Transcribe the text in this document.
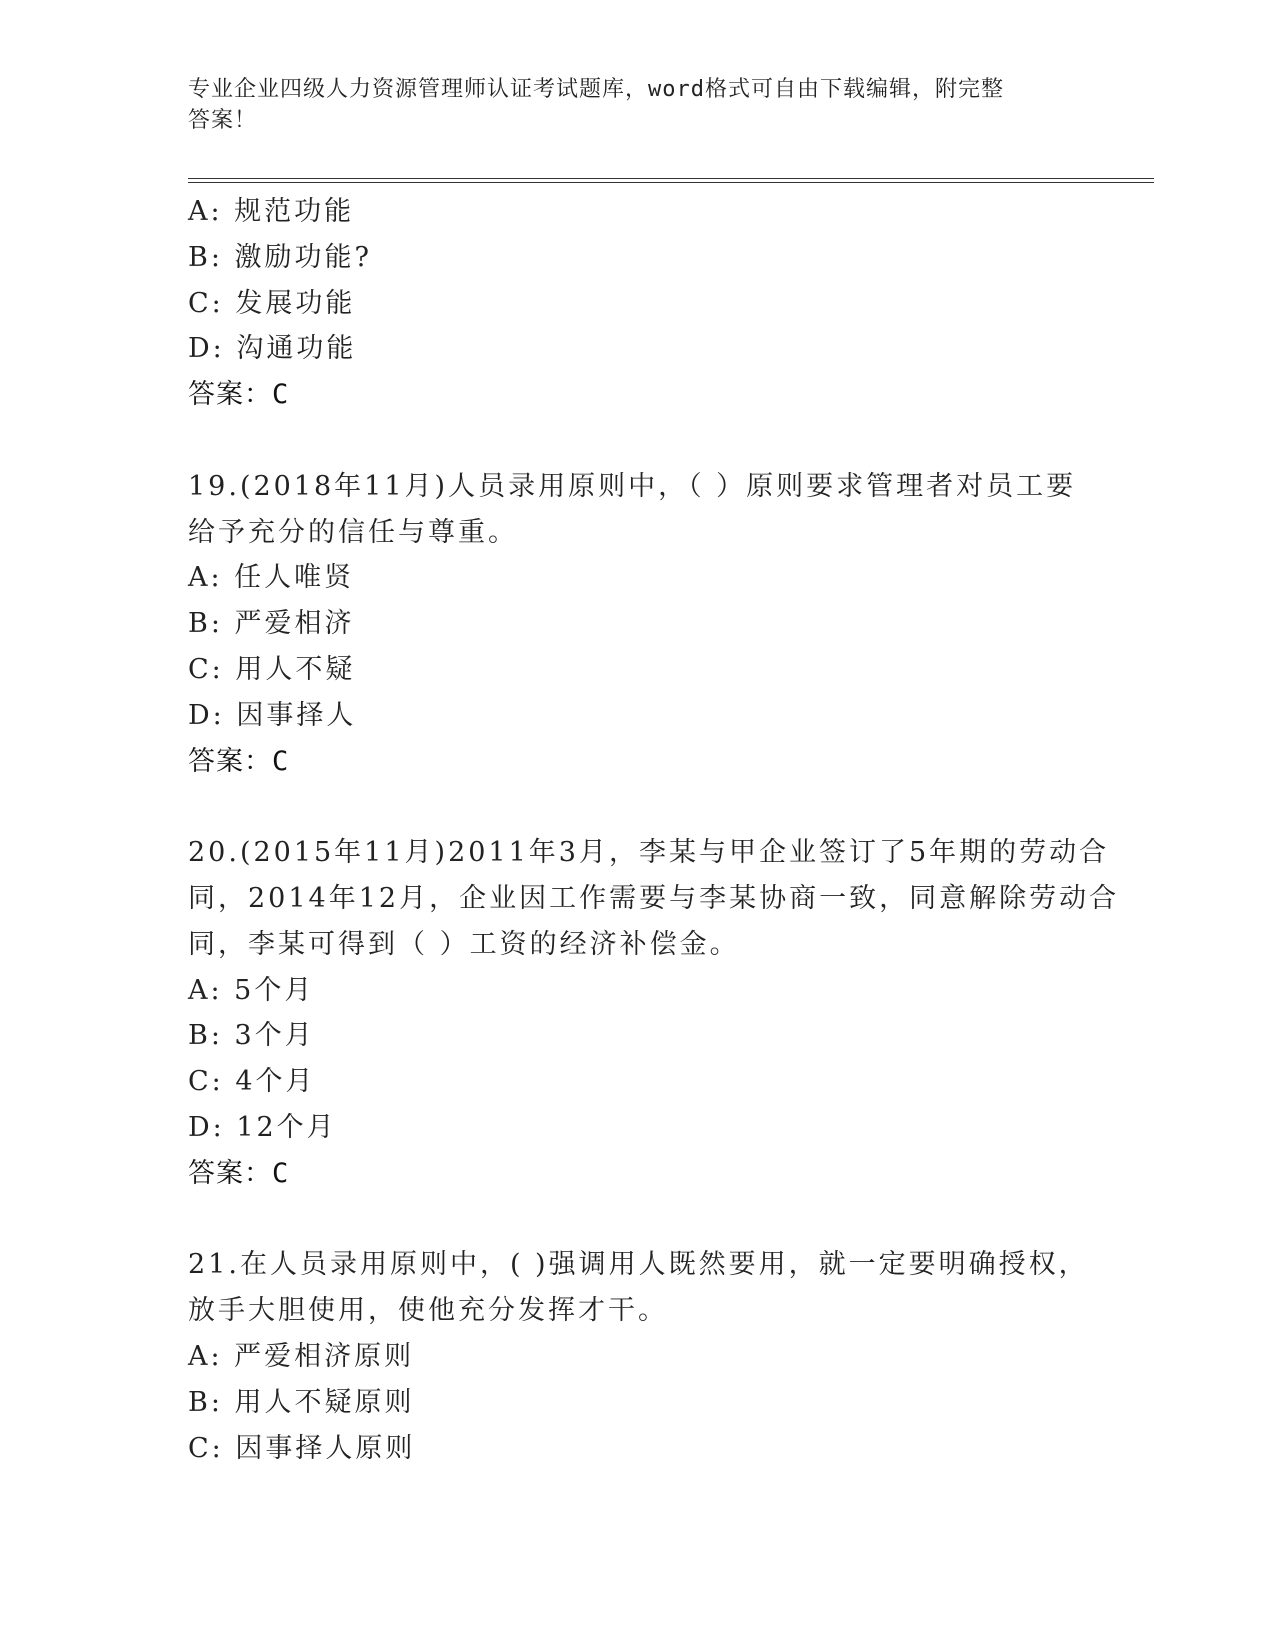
专业企业四级人力资源管理师认证考试题库，word格式可自由下载编辑，附完整
答案！
A: 规范功能
B: 激励功能?
C: 发展功能
D: 沟通功能
答案：C
19.(2018年11月)人员录用原则中，（ ）原则要求管理者对员工要
给予充分的信任与尊重。
A: 任人唯贤
B: 严爱相济
C: 用人不疑
D: 因事择人
答案：C
20.(2015年11月)2011年3月，李某与甲企业签订了5年期的劳动合
同，2014年12月，企业因工作需要与李某协商一致，同意解除劳动合
同，李某可得到（ ）工资的经济补偿金。
A: 5个月
B: 3个月
C: 4个月
D: 12个月
答案：C
21.在人员录用原则中，( )强调用人既然要用，就一定要明确授权，
放手大胆使用，使他充分发挥才干。
A: 严爱相济原则
B: 用人不疑原则
C: 因事择人原则
